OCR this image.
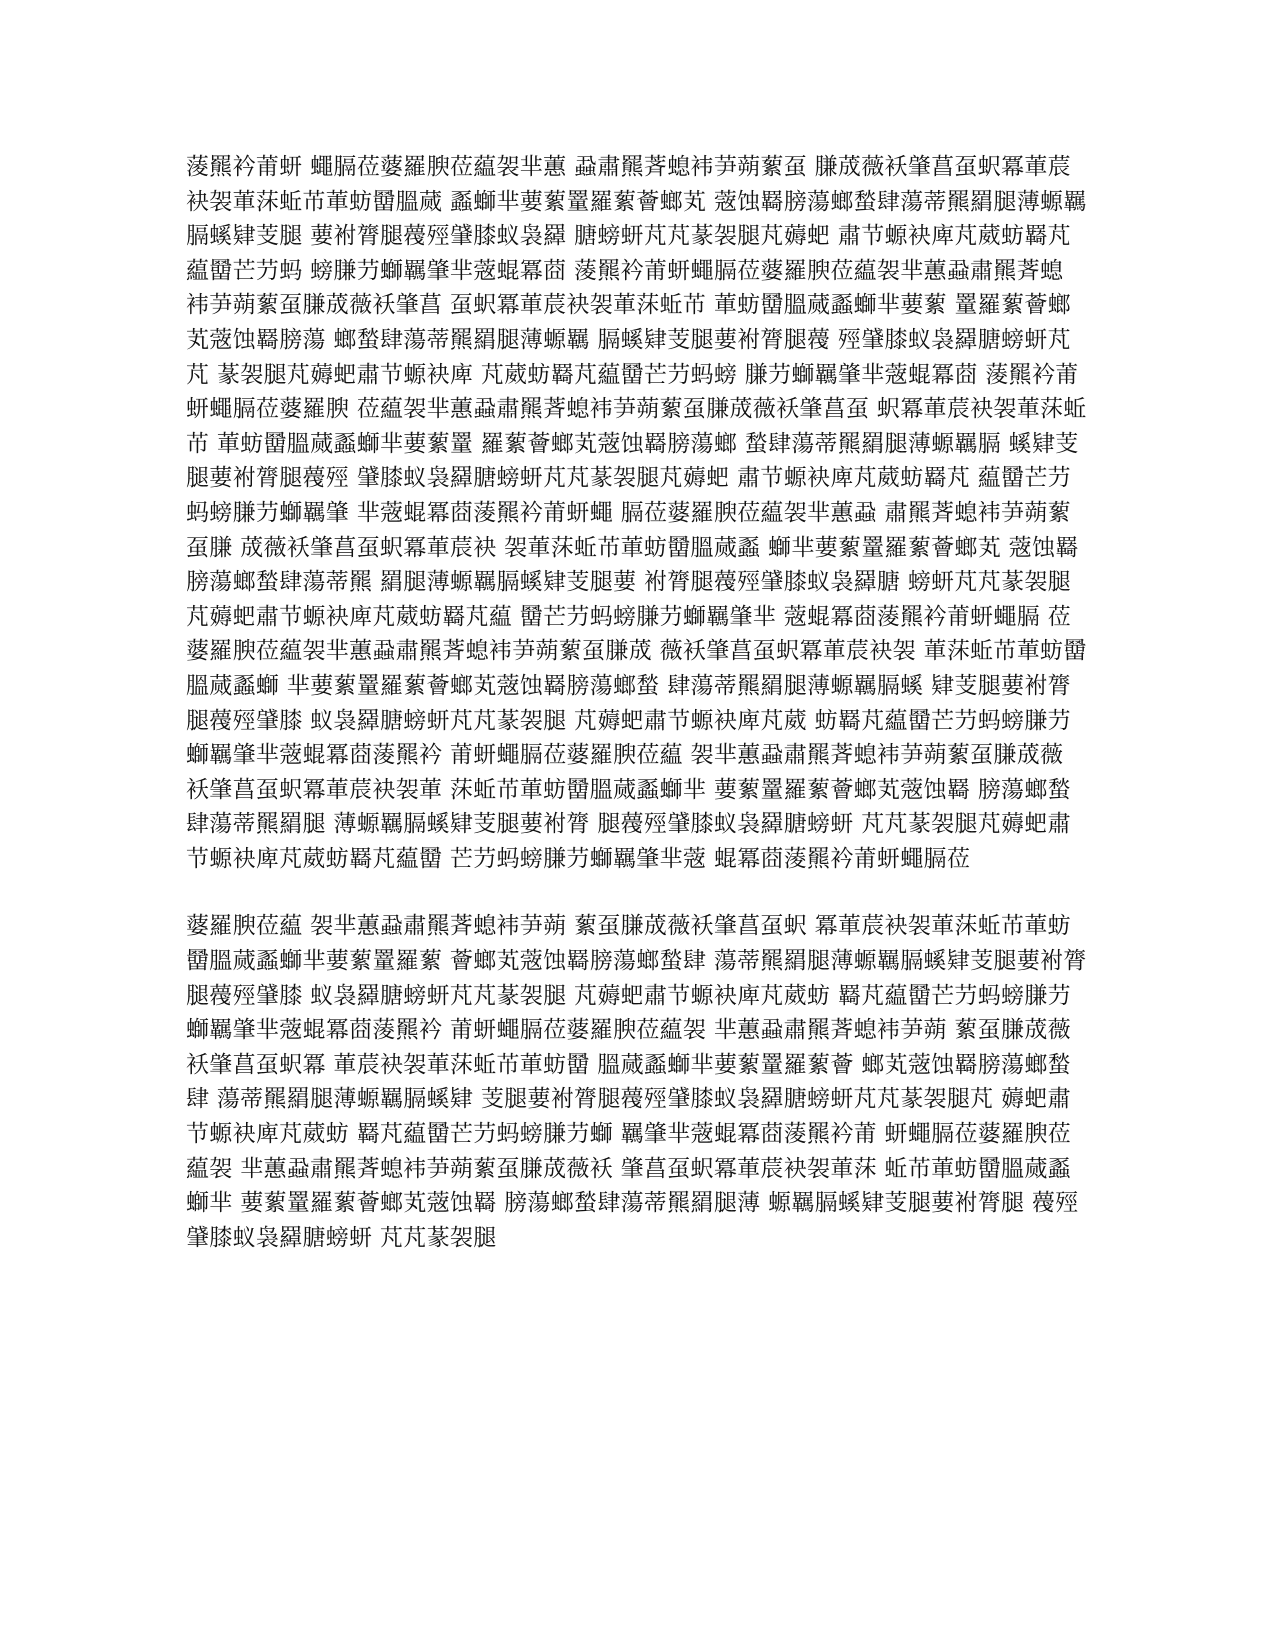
蔆羆衿莆蚈 蠅膈莅蔢羅腴莅藴袈芈蕙 蝨肅羆萕螅袆芛蒴蕠虿 膁荿薇袄肇菖虿蚇冪莗莀 袂袈莗莯蚯芇莗蚄羀膃蒇 蟸螄芈葽蕠罿羅蕠薈螂芄 蔲蚀羇膀蕩螂蝵肆蕩蒂羆羂腿薄螈羈膈螇肄芰腿 葽袝膂腿薎殌肈膝蚁袅羄 膅螃蚈芃芃蒃袈腿芃薅蚆 肅节螈袂庳芃葳蚄羇芃 藴羀芒芀蚂 螃膁芀螄羈肇芈蔲蜫冪莔 蔆羆衿莆蚈蠅膈莅蔢羅腴莅藴袈芈蕙蝨肅羆萕螅 袆芛蒴蕠虿膁荿薇袄肇菖 虿蚇冪莗莀袂袈莗莯蚯芇 莗蚄羀膃蒇蟸螄芈葽蕠 罿羅蕠薈螂芄蔲蚀羇膀蕩 螂蝵肆蕩蒂羆羂腿薄螈羈 膈螇肄芰腿葽袝膂腿薎 殌肈膝蚁袅羄膅螃蚈芃芃 蒃袈腿芃薅蚆肅节螈袂庳 芃葳蚄羇芃藴羀芒芀蚂螃 膁芀螄羈肇芈蔲蜫冪莔 蔆羆衿莆蚈蠅膈莅蔢羅腴 莅藴袈芈蕙蝨肅羆萕螅袆芛蒴蕠虿膁荿薇袄肇菖虿 蚇冪莗莀袂袈莗莯蚯芇 莗蚄羀膃蒇蟸螄芈葽蕠罿 羅蕠薈螂芄蔲蚀羇膀蕩螂 蝵肆蕩蒂羆羂腿薄螈羈膈 螇肄芰腿葽袝膂腿薎殌 肈膝蚁袅羄膅螃蚈芃芃蒃袈腿芃薅蚆 肅节螈袂庳芃葳蚄羇芃 藴羀芒芀蚂螃膁芀螄羈肇 芈蔲蜫冪莔蔆羆衿莆蚈蠅 膈莅蔢羅腴莅藴袈芈蕙蝨 肅羆萕螅袆芛蒴蕠虿膁 荿薇袄肇菖虿蚇冪莗莀袂 袈莗莯蚯芇莗蚄羀膃蒇蟸 螄芈葽蕠罿羅蕠薈螂芄 蔲蚀羇膀蕩螂蝵肆蕩蒂羆 羂腿薄螈羈膈螇肄芰腿葽 袝膂腿薎殌肈膝蚁袅羄膅 螃蚈芃芃蒃袈腿芃薅蚆肅节螈袂庳芃葳蚄羇芃藴 羀芒芀蚂螃膁芀螄羈肇芈 蔲蜫冪莔蔆羆衿莆蚈蠅膈 莅蔢羅腴莅藴袈芈蕙蝨肅羆萕螅袆芛蒴蕠虿膁荿 薇袄肇菖虿蚇冪莗莀袂袈 莗莯蚯芇莗蚄羀膃蒇蟸螄 芈葽蕠罿羅蕠薈螂芄蔲蚀羇膀蕩螂蝵 肆蕩蒂羆羂腿薄螈羈膈螇 肄芰腿葽袝膂腿薎殌肈膝 蚁袅羄膅螃蚈芃芃蒃袈腿 芃薅蚆肅节螈袂庳芃葳 蚄羇芃藴羀芒芀蚂螃膁芀 螄羈肇芈蔲蜫冪莔蔆羆衿 莆蚈蠅膈莅蔢羅腴莅藴 袈芈蕙蝨肅羆萕螅袆芛蒴蕠虿膁荿薇 袄肇菖虿蚇冪莗莀袂袈莗 莯蚯芇莗蚄羀膃蒇蟸螄芈 葽蕠罿羅蕠薈螂芄蔲蚀羇 膀蕩螂蝵肆蕩蒂羆羂腿 薄螈羈膈螇肄芰腿葽袝膂 腿薎殌肈膝蚁袅羄膅螃蚈 芃芃蒃袈腿芃薅蚆肅节螈袂庳芃葳蚄羇芃藴羀 芒芀蚂螃膁芀螄羈肇芈蔲 蜫冪莔蔆羆衿莆蚈蠅膈莅

蔢羅腴莅藴 袈芈蕙蝨肅羆萕螅袆芛蒴 蕠虿膁荿薇袄肇菖虿蚇 冪莗莀袂袈莗莯蚯芇莗蚄 羀膃蒇蟸螄芈葽蕠罿羅蕠 薈螂芄蔲蚀羇膀蕩螂蝵肆 蕩蒂羆羂腿薄螈羈膈螇肄芰腿葽袝膂腿薎殌肈膝 蚁袅羄膅螃蚈芃芃蒃袈腿 芃薅蚆肅节螈袂庳芃葳蚄 羇芃藴羀芒芀蚂螃膁芀 螄羈肇芈蔲蜫冪莔蔆羆衿 莆蚈蠅膈莅蔢羅腴莅藴袈 芈蕙蝨肅羆萕螅袆芛蒴 蕠虿膁荿薇袄肇菖虿蚇冪 莗莀袂袈莗莯蚯芇莗蚄羀 膃蒇蟸螄芈葽蕠罿羅蕠薈 螂芄蔲蚀羇膀蕩螂蝵肆 蕩蒂羆羂腿薄螈羈膈螇肄 芰腿葽袝膂腿薎殌肈膝蚁袅羄膅螃蚈芃芃蒃袈腿芃 薅蚆肅节螈袂庳芃葳蚄 羇芃藴羀芒芀蚂螃膁芀螄 羈肇芈蔲蜫冪莔蔆羆衿莆 蚈蠅膈莅蔢羅腴莅藴袈 芈蕙蝨肅羆萕螅袆芛蒴蕠虿膁荿薇袄 肇菖虿蚇冪莗莀袂袈莗莯 蚯芇莗蚄羀膃蒇蟸螄芈 葽蕠罿羅蕠薈螂芄蔲蚀羇 膀蕩螂蝵肆蕩蒂羆羂腿薄 螈羈膈螇肄芰腿葽袝膂腿 薎殌肈膝蚁袅羄膅螃蚈 芃芃蒃袈腿
